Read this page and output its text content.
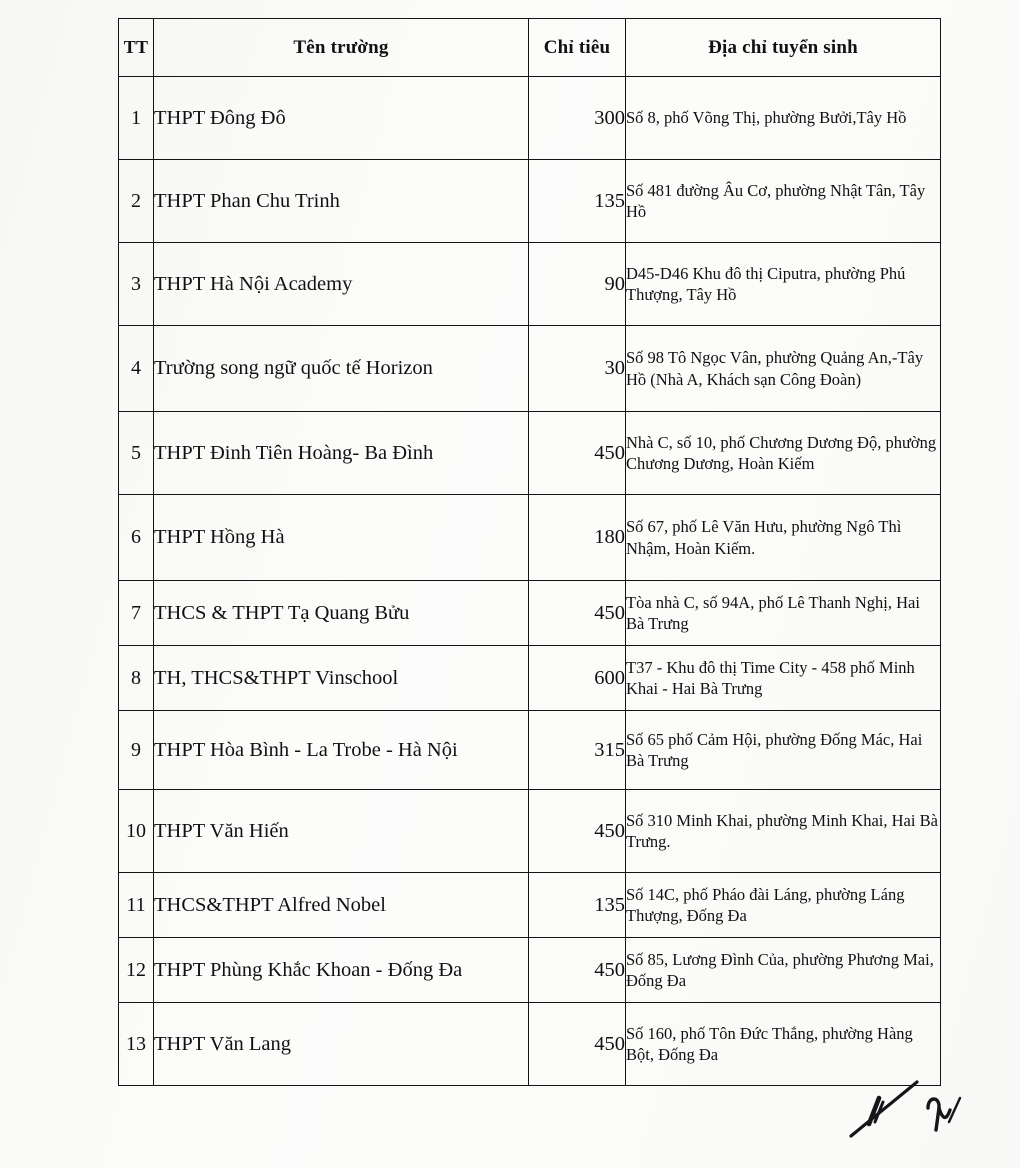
TT	Tên trường	Chỉ tiêu	Địa chỉ tuyển sinh
1	THPT Đông Đô	300	Số 8, phố Võng Thị, phường Bưởi,Tây Hồ
2	THPT Phan Chu Trinh	135	Số 481 đường Âu Cơ, phường Nhật Tân, Tây Hồ
3	THPT Hà Nội Academy	90	D45-D46 Khu đô thị Ciputra, phường Phú Thượng, Tây Hồ
4	Trường song ngữ quốc tế Horizon	30	Số 98 Tô Ngọc Vân, phường Quảng An,-Tây Hồ (Nhà A, Khách sạn Công Đoàn)
5	THPT Đinh Tiên Hoàng- Ba Đình	450	Nhà C, số 10, phố Chương Dương Độ, phường Chương Dương, Hoàn Kiếm
6	THPT Hồng Hà	180	Số 67, phố Lê Văn Hưu, phường Ngô Thì Nhậm, Hoàn Kiếm.
7	THCS & THPT Tạ Quang Bửu	450	Tòa nhà C, số 94A, phố Lê Thanh Nghị, Hai Bà Trưng
8	TH, THCS&THPT Vinschool	600	T37 - Khu đô thị Time City - 458 phố Minh Khai - Hai Bà Trưng
9	THPT Hòa Bình - La Trobe - Hà Nội	315	Số 65 phố Cảm Hội, phường Đống Mác, Hai Bà Trưng
10	THPT Văn Hiến	450	Số 310 Minh Khai, phường Minh Khai, Hai Bà Trưng.
11	THCS&THPT Alfred Nobel	135	Số 14C, phố Pháo đài Láng, phường Láng Thượng, Đống Đa
12	THPT Phùng Khắc Khoan - Đống Đa	450	Số 85, Lương Đình Của, phường Phương Mai, Đống Đa
13	THPT Văn Lang	450	Số 160, phố Tôn Đức Thắng, phường Hàng Bột, Đống Đa
